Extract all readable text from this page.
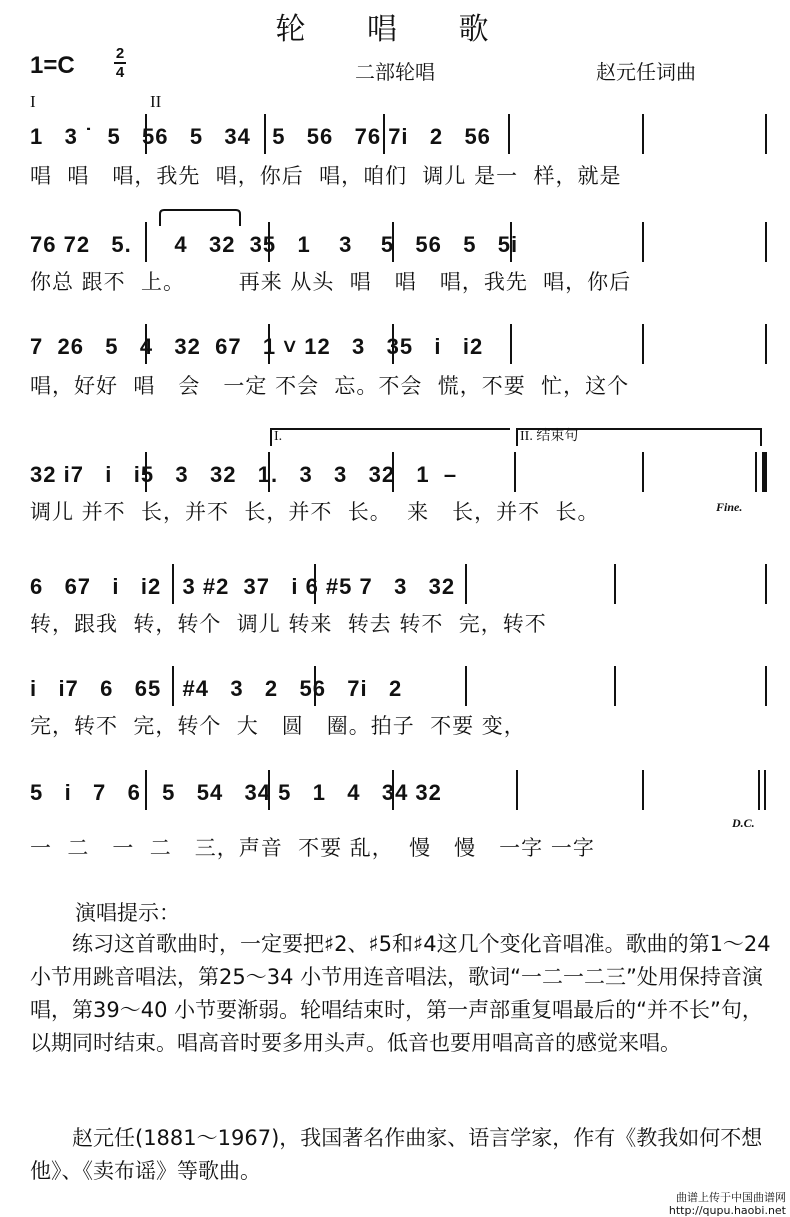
轮 唱 歌
1=C	2
4	二部轮唱	赵元任词曲
I	II
1   3 ˙  5   56   5   34   5   56   76 7i   2   56
唱  唱   唱，我先  唱，你后  唱，咱们  调儿 是一  样，就是
76 72   5.      4   32  35   1    3    5   56   5   5i
你总 跟不  上。       再来 从头  唱   唱   唱，我先  唱，你后
7  26   5   4   32  67   1 ˅ 12   3   35   i   i2
唱，好好  唱   会   一定 不会  忘。不会  慌，不要  忙，这个
I.	II. 结束句
32 i7   i   i5   3   32   1.   3   3   32   1  –
调儿 并不  长，并不  长，并不  长。  来   长，并不  长。	Fine.
6   67   i   i2   3 #2  37   i 6 #5 7   3   32
转，跟我  转，转个  调儿 转来  转去 转不  完，转不
i   i7   6   65   #4   3   2   56   7i   2
完，转不  完，转个  大   圆   圈。拍子  不要 变，
5   i   7   6   5   54   34 5   1   4   34 32
一  二   一  二   三，声音  不要 乱，  慢   慢   一字 一字
D.C.
演唱提示：

练习这首歌曲时，一定要把♯2、♯5和♯4这几个变化音唱准。歌曲的第1～24 小节用跳音唱法，第25～34 小节用连音唱法，歌词“一二一二三”处用保持音演唱，第39～40 小节要渐弱。轮唱结束时，第一声部重复唱最后的“并不长”句，以期同时结束。唱高音时要多用头声。低音也要用唱高音的感觉来唱。

赵元任(1881～1967)，我国著名作曲家、语言学家，作有《教我如何不想他》、《卖布谣》等歌曲。

曲谱上传于中国曲谱网
http://qupu.haobi.net
